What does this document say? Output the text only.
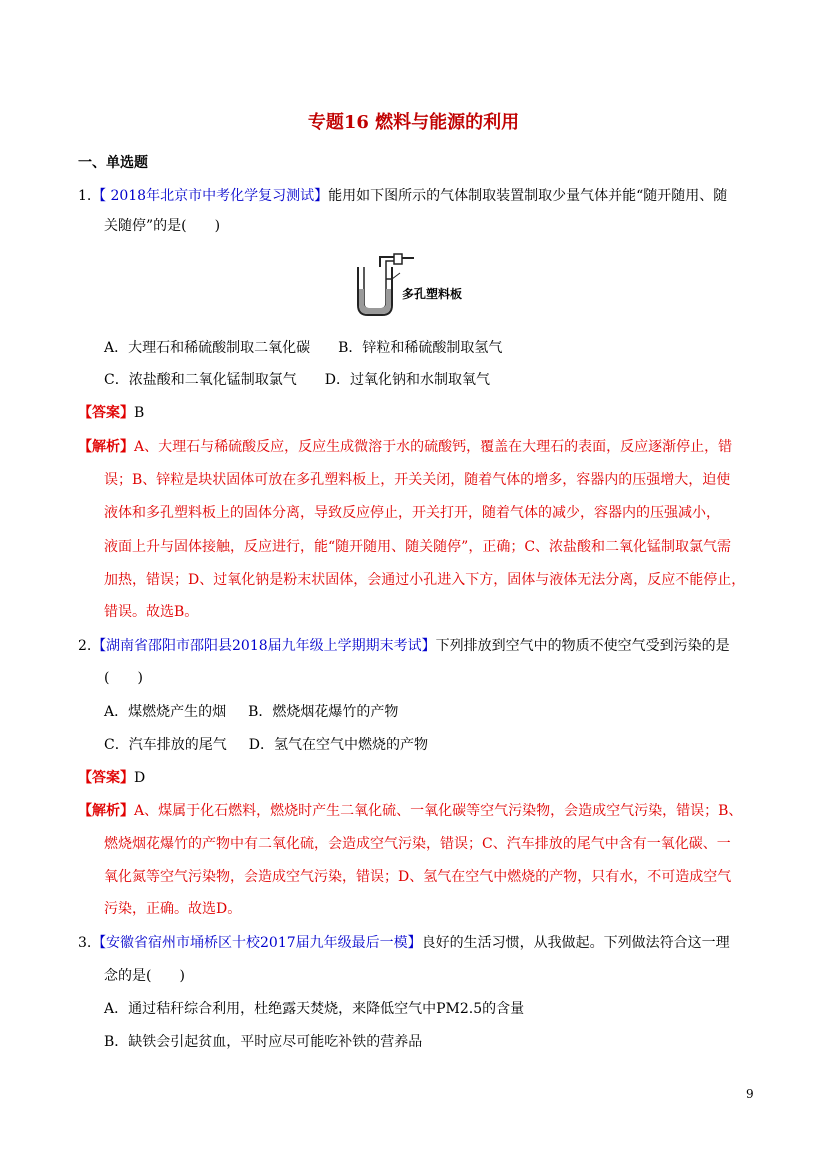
专题16 燃料与能源的利用
一、单选题
1. 【 2018年北京市中考化学复习测试】能用如下图所示的气体制取装置制取少量气体并能“随开随用、随
关随停”的是(　　)
多孔塑料板
A．大理石和稀硫酸制取二氧化碳 B．锌粒和稀硫酸制取氢气
C．浓盐酸和二氧化锰制取氯气 D．过氧化钠和水制取氧气
【答案】B
【解析】A、大理石与稀硫酸反应，反应生成微溶于水的硫酸钙，覆盖在大理石的表面，反应逐渐停止，错
误；B、锌粒是块状固体可放在多孔塑料板上，开关关闭，随着气体的增多，容器内的压强增大，迫使
液体和多孔塑料板上的固体分离，导致反应停止，开关打开，随着气体的减少，容器内的压强减小，
液面上升与固体接触，反应进行，能“随开随用、随关随停”，正确；C、浓盐酸和二氧化锰制取氯气需
加热，错误；D、过氧化钠是粉末状固体，会通过小孔进入下方，固体与液体无法分离，反应不能停止，
错误。故选B。
2. 【湖南省邵阳市邵阳县2018届九年级上学期期末考试】下列排放到空气中的物质不使空气受到污染的是
(　　)
A．煤燃烧产生的烟 B．燃烧烟花爆竹的产物
C．汽车排放的尾气 D．氢气在空气中燃烧的产物
【答案】D
【解析】A、煤属于化石燃料，燃烧时产生二氧化硫、一氧化碳等空气污染物，会造成空气污染，错误；B、
燃烧烟花爆竹的产物中有二氧化硫，会造成空气污染，错误；C、汽车排放的尾气中含有一氧化碳、一
氧化氮等空气污染物，会造成空气污染，错误；D、氢气在空气中燃烧的产物，只有水，不可造成空气
污染，正确。故选D。
3. 【安徽省宿州市埇桥区十校2017届九年级最后一模】良好的生活习惯，从我做起。下列做法符合这一理
念的是(　　)
A．通过秸秆综合利用，杜绝露天焚烧，来降低空气中PM2.5的含量
B．缺铁会引起贫血，平时应尽可能吃补铁的营养品
9
